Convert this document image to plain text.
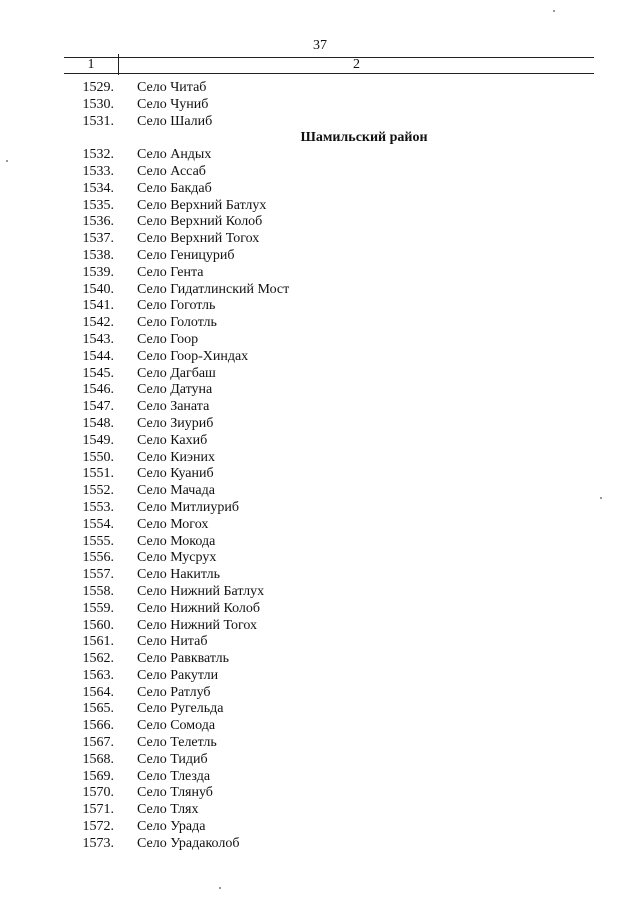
37
1	2
1529. Село Читаб
1530. Село Чуниб
1531. Село Шалиб
Шамильский район
1532. Село Андых
1533. Село Ассаб
1534. Село Бакдаб
1535. Село Верхний Батлух
1536. Село Верхний Колоб
1537. Село Верхний Тогох
1538. Село Геницуриб
1539. Село Гента
1540. Село Гидатлинский Мост
1541. Село Гоготль
1542. Село Голотль
1543. Село Гоор
1544. Село Гоор-Хиндах
1545. Село Дагбаш
1546. Село Датуна
1547. Село Заната
1548. Село Зиуриб
1549. Село Кахиб
1550. Село Киэних
1551. Село Куаниб
1552. Село Мачада
1553. Село Митлиуриб
1554. Село Могох
1555. Село Мокода
1556. Село Мусрух
1557. Село Накитль
1558. Село Нижний Батлух
1559. Село Нижний Колоб
1560. Село Нижний Тогох
1561. Село Нитаб
1562. Село Равкватль
1563. Село Ракутли
1564. Село Ратлуб
1565. Село Ругельда
1566. Село Сомода
1567. Село Телетль
1568. Село Тидиб
1569. Село Тлезда
1570. Село Тлянуб
1571. Село Тлях
1572. Село Урада
1573. Село Урадаколоб
